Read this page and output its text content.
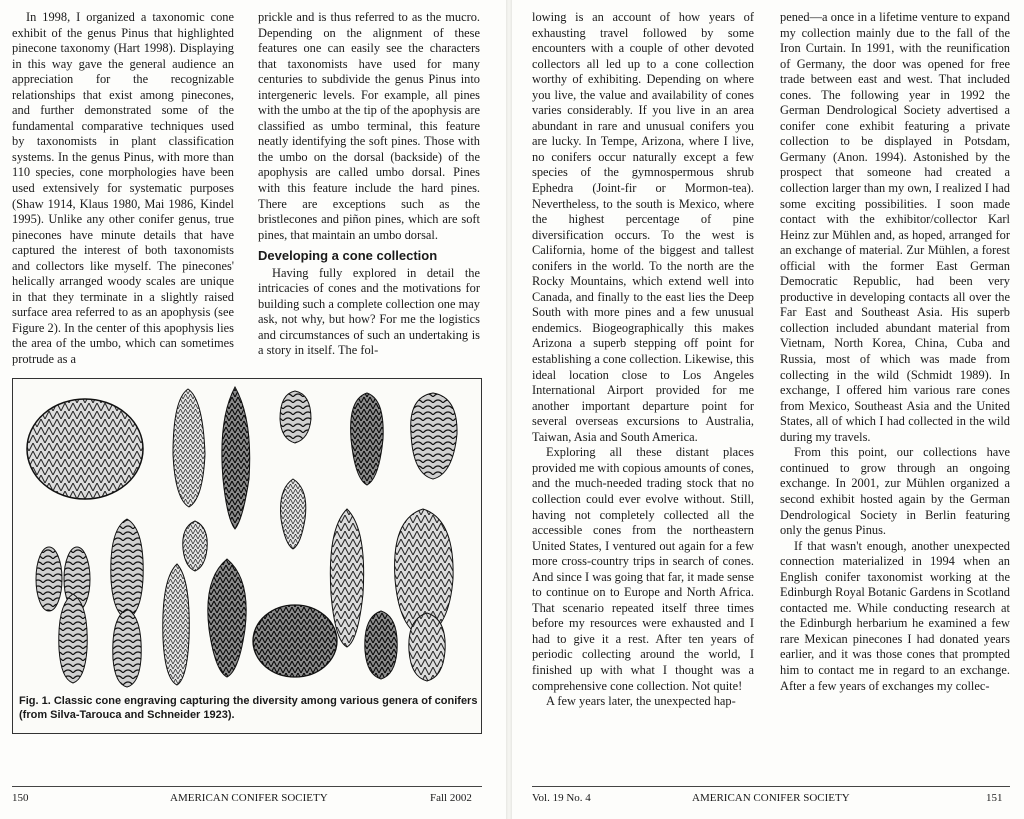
In 1998, I organized a taxonomic cone exhibit of the genus Pinus that highlighted pinecone taxonomy (Hart 1998). Displaying in this way gave the general audience an appreciation for the recognizable relationships that exist among pinecones, and further demonstrated some of the fundamental comparative techniques used by taxonomists in plant classification systems. In the genus Pinus, with more than 110 species, cone morphologies have been used extensively for systematic purposes (Shaw 1914, Klaus 1980, Mai 1986, Kindel 1995). Unlike any other conifer genus, true pinecones have minute details that have captured the interest of both taxonomists and collectors like myself. The pinecones' helically arranged woody scales are unique in that they terminate in a slightly raised surface area referred to as an apophysis (see Figure 2). In the center of this apophysis lies the area of the umbo, which can sometimes protrude as a

prickle and is thus referred to as the mucro. Depending on the alignment of these features one can easily see the characters that taxonomists have used for many centuries to subdivide the genus Pinus into intergeneric levels. For example, all pines with the umbo at the tip of the apophysis are classified as umbo terminal, this feature neatly identifying the soft pines. Those with the umbo on the dorsal (backside) of the apophysis are called umbo dorsal. Pines with this feature include the hard pines. There are exceptions such as the bristlecones and piñon pines, which are soft pines, that maintain an umbo dorsal.

Developing a cone collection

Having fully explored in detail the intricacies of cones and the motivations for building such a complete collection one may ask, not why, but how? For me the logistics and circumstances of such an undertaking is a story in itself. The fol-

Fig. 1. Classic cone engraving capturing the diversity among various genera of conifers (from Silva-Tarouca and Schneider 1923).
150	AMERICAN CONIFER SOCIETY	Fall 2002

lowing is an account of how years of exhausting travel followed by some encounters with a couple of other devoted collectors all led up to a cone collection worthy of exhibiting. Depending on where you live, the value and availability of cones varies considerably. If you live in an area abundant in rare and unusual conifers you are lucky. In Tempe, Arizona, where I live, no conifers occur naturally except a few species of the gymnospermous shrub Ephedra (Joint-fir or Mormon-tea). Nevertheless, to the south is Mexico, where the highest percentage of pine diversification occurs. To the west is California, home of the biggest and tallest conifers in the world. To the north are the Rocky Mountains, which extend well into Canada, and finally to the east lies the Deep South with more pines and a few unusual endemics. Biogeographically this makes Arizona a superb stepping off point for establishing a cone collection. Likewise, this ideal location close to Los Angeles International Airport provided for me another important departure point for several overseas excursions to Australia, Taiwan, Asia and South America.

Exploring all these distant places provided me with copious amounts of cones, and the much-needed trading stock that no collection could ever evolve without. Still, having not completely collected all the accessible cones from the northeastern United States, I ventured out again for a few more cross-country trips in search of cones. And since I was going that far, it made sense to continue on to Europe and North Africa. That scenario repeated itself three times before my resources were exhausted and I had to give it a rest. After ten years of periodic collecting around the world, I finished up with what I thought was a comprehensive cone collection. Not quite!

A few years later, the unexpected hap-

pened—a once in a lifetime venture to expand my collection mainly due to the fall of the Iron Curtain. In 1991, with the reunification of Germany, the door was opened for free trade between east and west. That included cones. The following year in 1992 the German Dendrological Society advertised a conifer cone exhibit featuring a private collection to be displayed in Potsdam, Germany (Anon. 1994). Astonished by the prospect that someone had created a collection larger than my own, I realized I had some exciting possibilities. I soon made contact with the exhibitor/collector Karl Heinz zur Mühlen and, as hoped, arranged for an exchange of material. Zur Mühlen, a forest official with the former East German Democratic Republic, had been very productive in developing contacts all over the Far East and Southeast Asia. His superb collection included abundant material from Vietnam, North Korea, China, Cuba and Russia, most of which was made from collecting in the wild (Schmidt 1989). In exchange, I offered him various rare cones from Mexico, Southeast Asia and the United States, all of which I had collected in the wild during my travels.

From this point, our collections have continued to grow through an ongoing exchange. In 2001, zur Mühlen organized a second exhibit hosted again by the German Dendrological Society in Berlin featuring only the genus Pinus.

If that wasn't enough, another unexpected connection materialized in 1994 when an English conifer taxonomist working at the Edinburgh Royal Botanic Gardens in Scotland contacted me. While conducting research at the Edinburgh herbarium he examined a few rare Mexican pinecones I had donated years earlier, and it was those cones that prompted him to contact me in regard to an exchange. After a few years of exchanges my collec-

Vol. 19 No. 4	AMERICAN CONIFER SOCIETY	151
